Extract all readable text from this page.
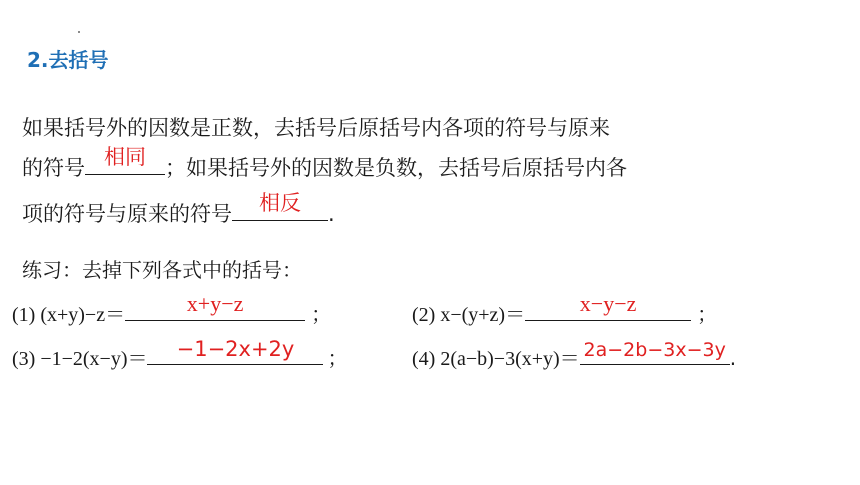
2.去括号
如果括号外的因数是正数，去括号后原括号内各项的符号与原来
的符号 相同 ；如果括号外的因数是负数，去括号后原括号内各
项的符号与原来的符号	相反	.
练习：去掉下列各式中的括号：
(1) (x+y)−z＝	x+y−z	；	(2) x−(y+z)＝	x−y−z	；
(3) −1−2(x−y)＝	−1−2x+2y	；	(4) 2(a−b)−3(x+y)＝ 2a−2b−3x−3y .
